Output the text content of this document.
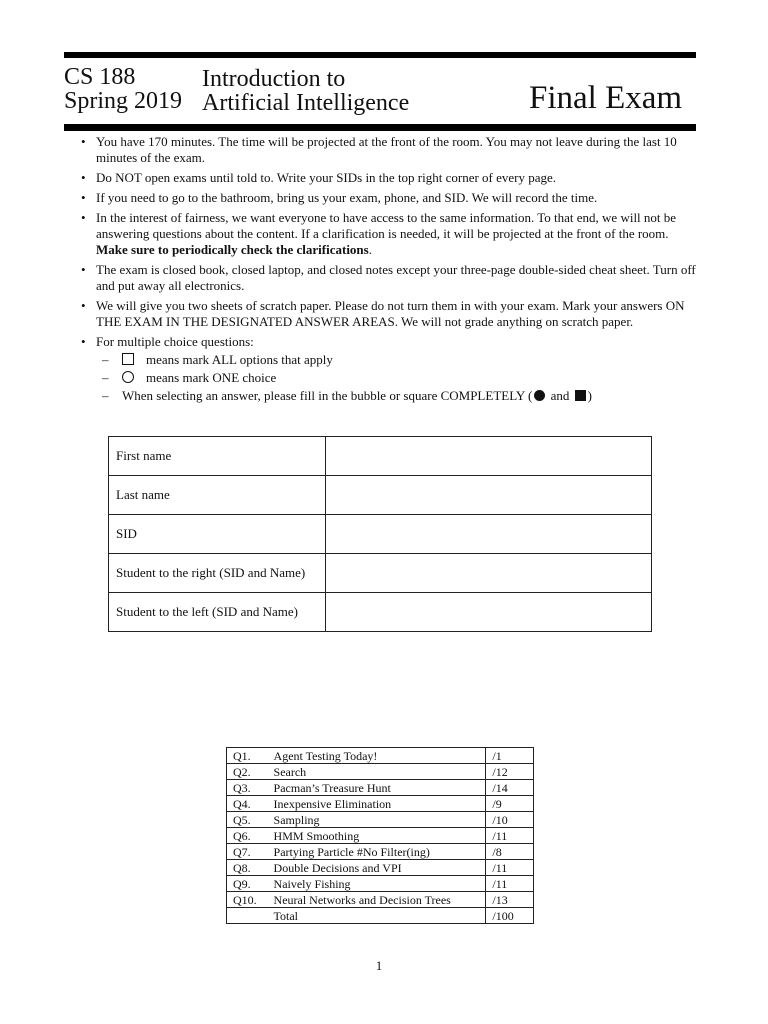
CS 188
Spring 2019
Introduction to
Artificial Intelligence	Final Exam
• You have 170 minutes. The time will be projected at the front of the room. You may not leave during the last 10 minutes of the exam.
• Do NOT open exams until told to. Write your SIDs in the top right corner of every page.
• If you need to go to the bathroom, bring us your exam, phone, and SID. We will record the time.
• In the interest of fairness, we want everyone to have access to the same information. To that end, we will not be answering questions about the content. If a clarification is needed, it will be projected at the front of the room. Make sure to periodically check the clarifications.
• The exam is closed book, closed laptop, and closed notes except your three-page double-sided cheat sheet. Turn off and put away all electronics.
• We will give you two sheets of scratch paper. Please do not turn them in with your exam. Mark your answers ON THE EXAM IN THE DESIGNATED ANSWER AREAS. We will not grade anything on scratch paper.
• For multiple choice questions:
–	means mark ALL options that apply
–	means mark ONE choice
– When selecting an answer, please fill in the bubble or square COMPLETELY ( and )
First name	
Last name	
SID	
Student to the right (SID and Name)	
Student to the left (SID and Name)	
Q1.	Agent Testing Today!	/1
Q2.	Search	/12
Q3.	Pacman’s Treasure Hunt	/14
Q4.	Inexpensive Elimination	/9
Q5.	Sampling	/10
Q6.	HMM Smoothing	/11
Q7.	Partying Particle #No Filter(ing)	/8
Q8.	Double Decisions and VPI	/11
Q9.	Naively Fishing	/11
Q10.	Neural Networks and Decision Trees	/13
	Total	/100
1
